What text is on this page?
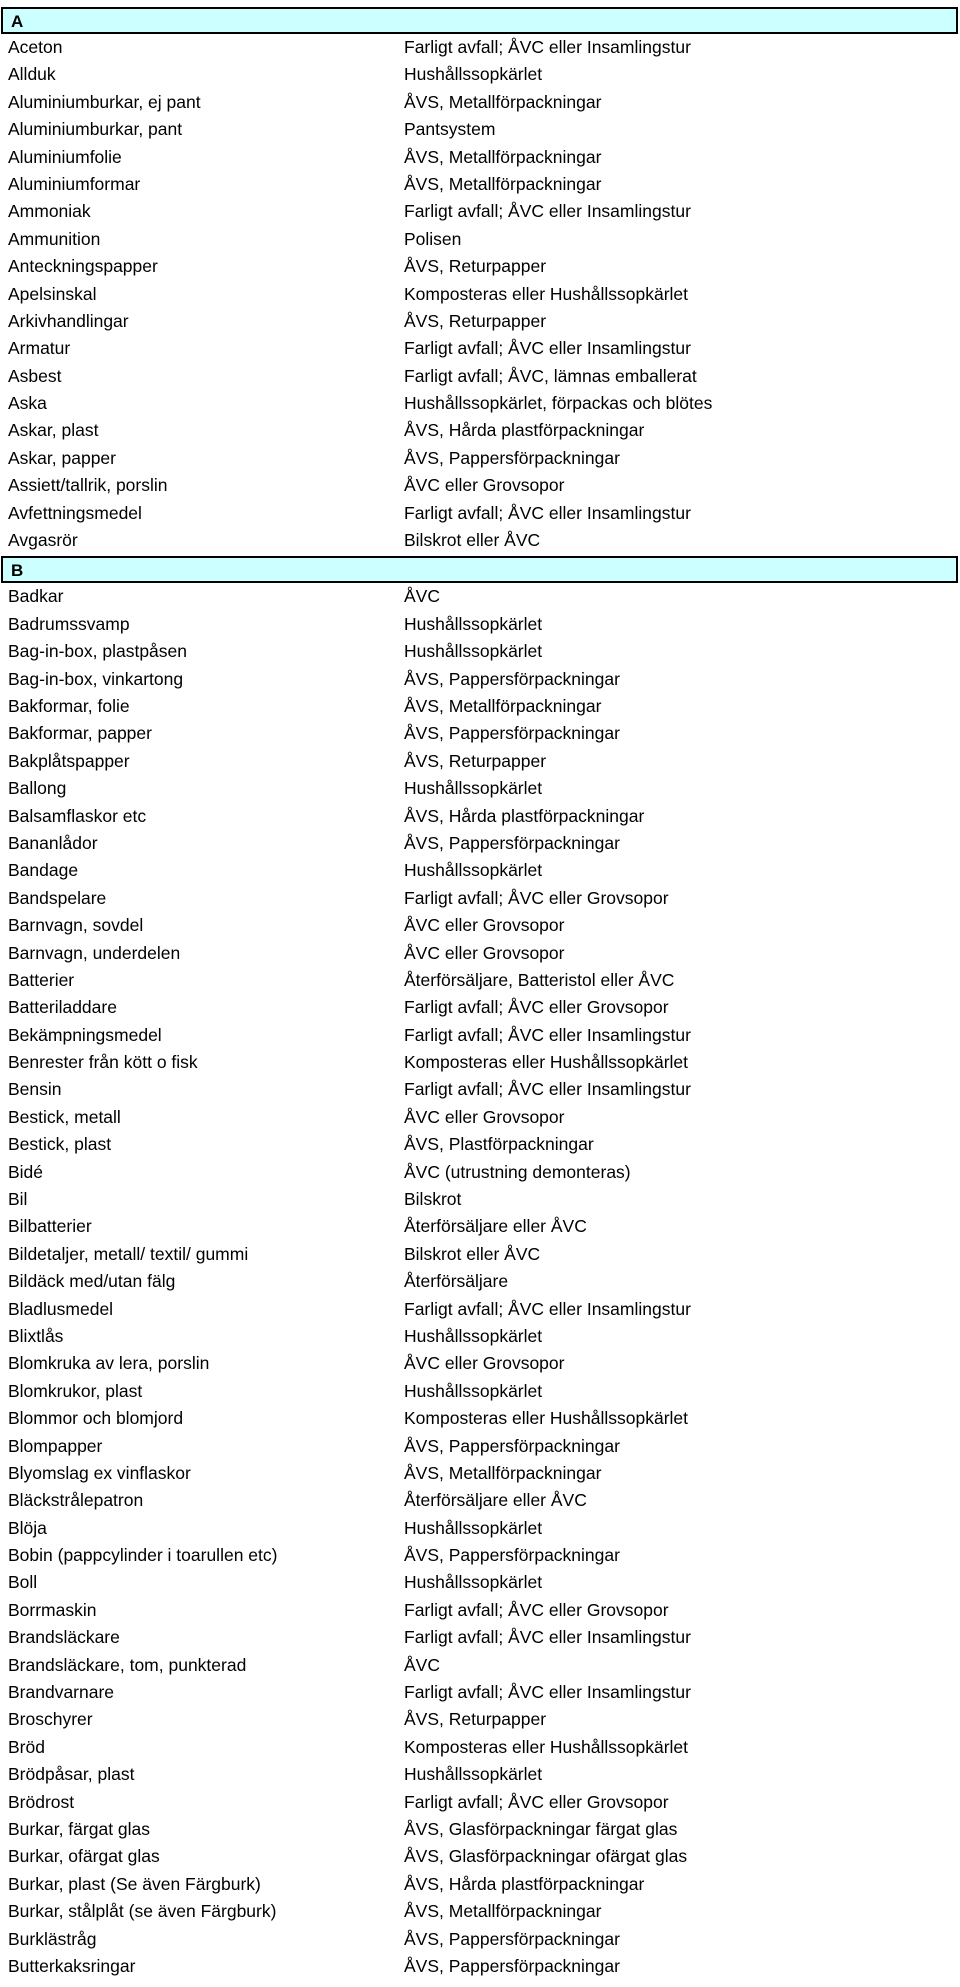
A
Aceton	Farligt avfall; ÅVC eller Insamlingstur
Allduk	Hushållssopkärlet
Aluminiumburkar, ej pant	ÅVS, Metallförpackningar
Aluminiumburkar, pant	Pantsystem
Aluminiumfolie	ÅVS, Metallförpackningar
Aluminiumformar	ÅVS, Metallförpackningar
Ammoniak	Farligt avfall; ÅVC eller Insamlingstur
Ammunition	Polisen
Anteckningspapper	ÅVS, Returpapper
Apelsinskal	Komposteras eller Hushållssopkärlet
Arkivhandlingar	ÅVS, Returpapper
Armatur	Farligt avfall; ÅVC eller Insamlingstur
Asbest	Farligt avfall; ÅVC, lämnas emballerat
Aska	Hushållssopkärlet, förpackas och blötes
Askar, plast	ÅVS, Hårda plastförpackningar
Askar, papper	ÅVS, Pappersförpackningar
Assiett/tallrik, porslin	ÅVC eller Grovsopor
Avfettningsmedel	Farligt avfall; ÅVC eller Insamlingstur
Avgasrör	Bilskrot eller ÅVC
B
Badkar	ÅVC
Badrumssvamp	Hushållssopkärlet
Bag-in-box, plastpåsen	Hushållssopkärlet
Bag-in-box, vinkartong	ÅVS, Pappersförpackningar
Bakformar, folie	ÅVS, Metallförpackningar
Bakformar, papper	ÅVS, Pappersförpackningar
Bakplåtspapper	ÅVS, Returpapper
Ballong	Hushållssopkärlet
Balsamflaskor etc	ÅVS, Hårda plastförpackningar
Bananlådor	ÅVS, Pappersförpackningar
Bandage	Hushållssopkärlet
Bandspelare	Farligt avfall; ÅVC eller Grovsopor
Barnvagn, sovdel	ÅVC eller Grovsopor
Barnvagn, underdelen	ÅVC eller Grovsopor
Batterier	Återförsäljare, Batteristol eller ÅVC
Batteriladdare	Farligt avfall; ÅVC eller Grovsopor
Bekämpningsmedel	Farligt avfall; ÅVC eller Insamlingstur
Benrester från kött o fisk	Komposteras eller Hushållssopkärlet
Bensin	Farligt avfall; ÅVC eller Insamlingstur
Bestick, metall	ÅVC eller Grovsopor
Bestick, plast	ÅVS, Plastförpackningar
Bidé	ÅVC (utrustning demonteras)
Bil	Bilskrot
Bilbatterier	Återförsäljare eller ÅVC
Bildetaljer, metall/ textil/ gummi	Bilskrot eller ÅVC
Bildäck med/utan fälg	Återförsäljare
Bladlusmedel	Farligt avfall; ÅVC eller Insamlingstur
Blixtlås	Hushållssopkärlet
Blomkruka av lera, porslin	ÅVC eller Grovsopor
Blomkrukor, plast	Hushållssopkärlet
Blommor och blomjord	Komposteras eller Hushållssopkärlet
Blompapper	ÅVS, Pappersförpackningar
Blyomslag ex vinflaskor	ÅVS, Metallförpackningar
Bläckstrålepatron	Återförsäljare eller ÅVC
Blöja	Hushållssopkärlet
Bobin (pappcylinder i toarullen etc)	ÅVS, Pappersförpackningar
Boll	Hushållssopkärlet
Borrmaskin	Farligt avfall; ÅVC eller Grovsopor
Brandsläckare	Farligt avfall; ÅVC eller Insamlingstur
Brandsläckare, tom, punkterad	ÅVC
Brandvarnare	Farligt avfall; ÅVC eller Insamlingstur
Broschyrer	ÅVS, Returpapper
Bröd	Komposteras eller Hushållssopkärlet
Brödpåsar, plast	Hushållssopkärlet
Brödrost	Farligt avfall; ÅVC eller Grovsopor
Burkar, färgat glas	ÅVS, Glasförpackningar färgat glas
Burkar, ofärgat glas	ÅVS, Glasförpackningar ofärgat glas
Burkar, plast (Se även Färgburk)	ÅVS, Hårda plastförpackningar
Burkar, stålplåt (se även Färgburk)	ÅVS, Metallförpackningar
Burklästråg	ÅVS, Pappersförpackningar
Butterkaksringar	ÅVS, Pappersförpackningar
